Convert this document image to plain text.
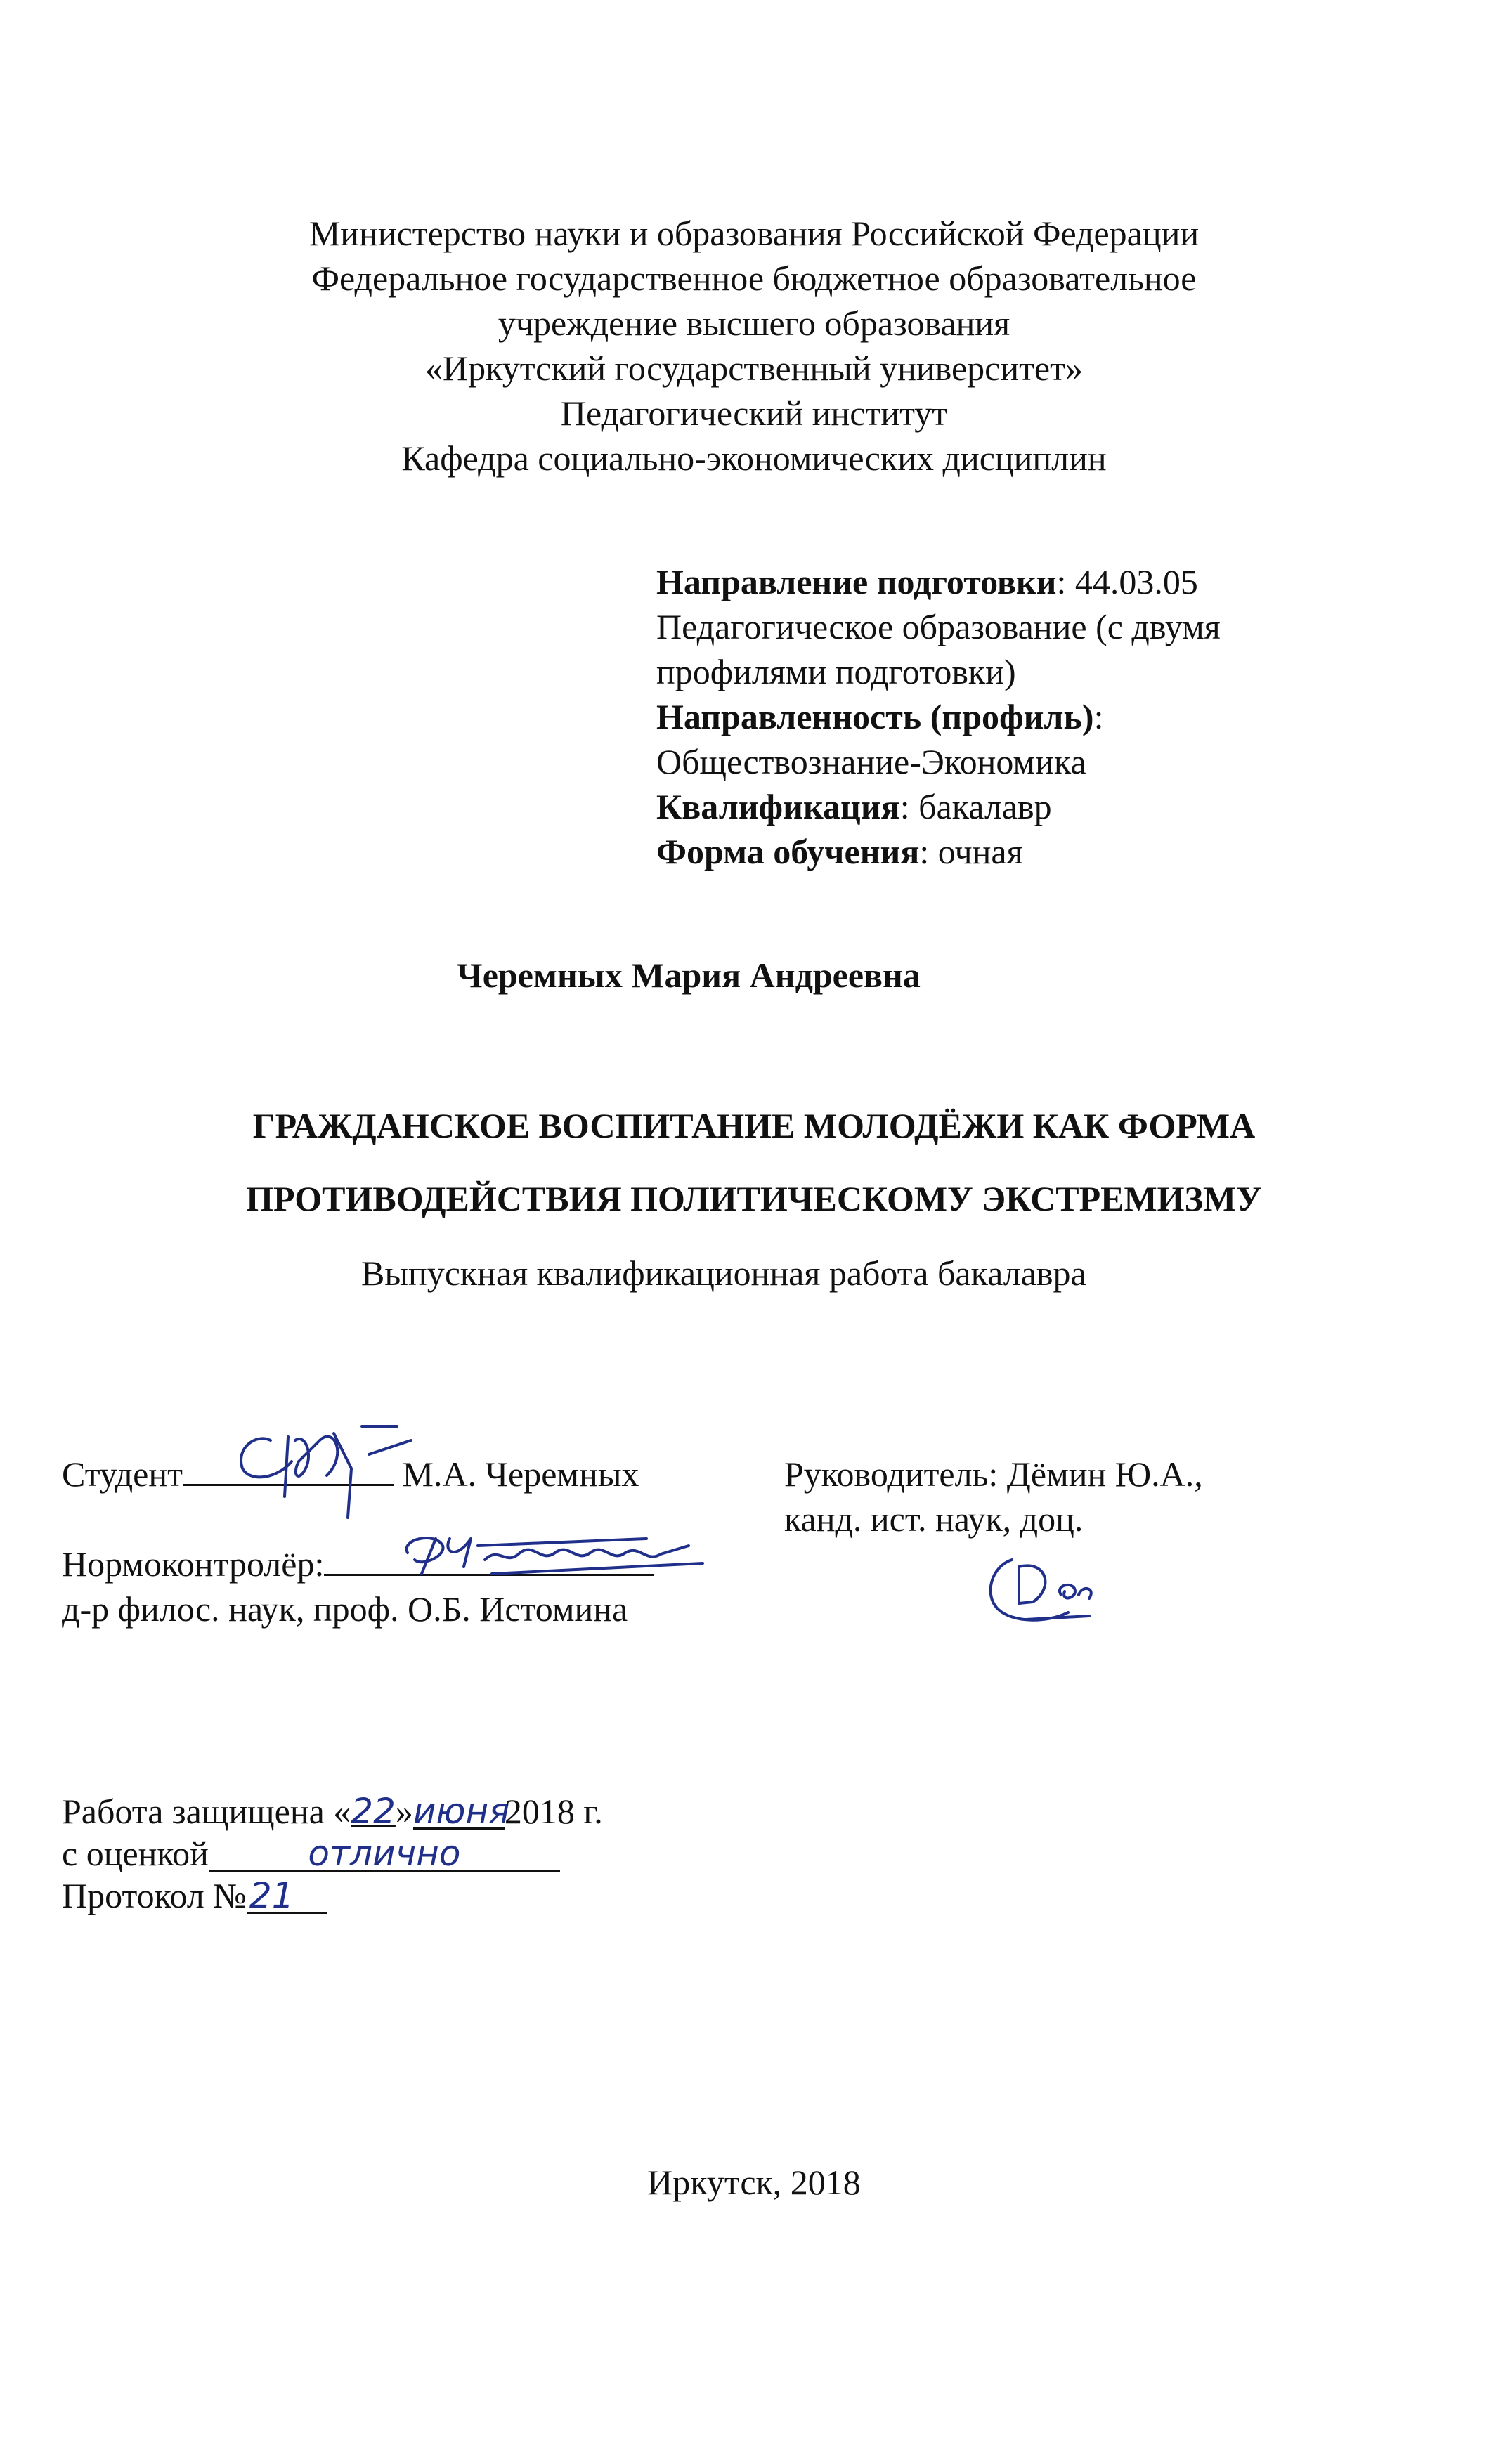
Министерство науки и образования Российской Федерации
Федеральное государственное бюджетное образовательное
учреждение высшего образования
«Иркутский государственный университет»
Педагогический институт
Кафедра социально-экономических дисциплин
Направление подготовки: 44.03.05
Педагогическое образование (с двумя
профилями подготовки)
Направленность (профиль):
Обществознание-Экономика
Квалификация: бакалавр
Форма обучения: очная
Черемных Мария Андреевна
ГРАЖДАНСКОЕ ВОСПИТАНИЕ МОЛОДЁЖИ КАК ФОРМА
ПРОТИВОДЕЙСТВИЯ ПОЛИТИЧЕСКОМУ ЭКСТРЕМИЗМУ
Выпускная квалификационная работа бакалавра
Студент	М.А. Черемных	Руководитель: Дёмин Ю.А.,
канд. ист. наук, доц.
Нормоконтролёр:
д-р филос. наук, проф. О.Б. Истомина
Работа защищена «22»июня2018 г.
с оценкой	отлично
Протокол №21
Иркутск, 2018
